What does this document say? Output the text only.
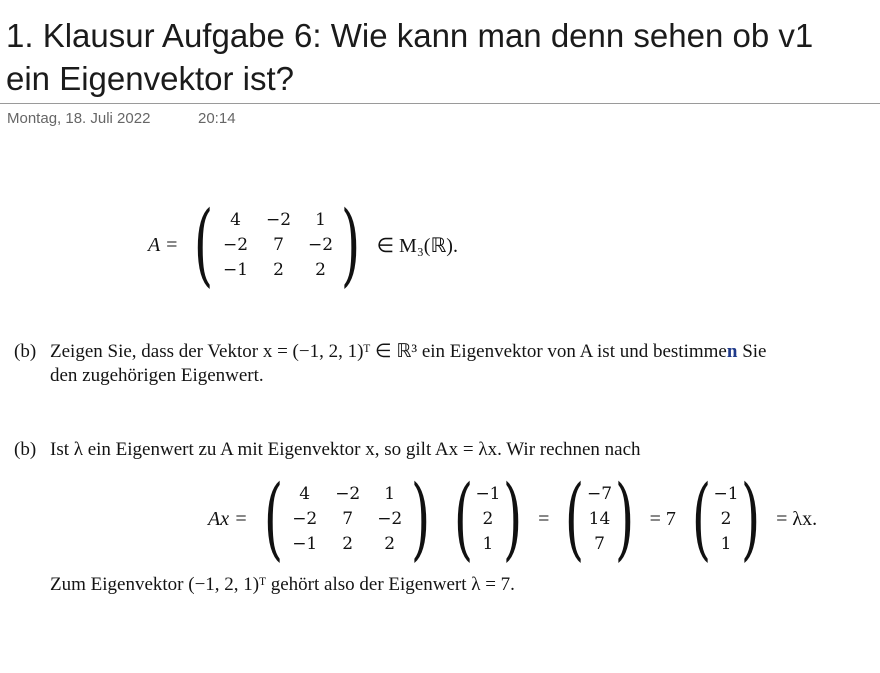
1. Klausur Aufgabe 6: Wie kann man denn sehen ob v1 ein Eigenvektor ist?
Montag, 18. Juli 2022	20:14
A = ( 4	−2	1
−2	7	−2
−1	2	2 ) ∈ M₃(ℝ).
(b) Zeigen Sie, dass der Vektor x = (−1, 2, 1)ᵀ ∈ ℝ³ ein Eigenvektor von A ist und bestimmen Sie
den zugehörigen Eigenwert.
(b) Ist λ ein Eigenwert zu A mit Eigenvektor x, so gilt Ax = λx. Wir rechnen nach
Ax = ( 4	−2	1
−2	7	−2
−1	2	2 ) ( −1
2
1 ) = ( −7
14
7 ) = 7 ( −1
2
1 ) = λx.
Zum Eigenvektor (−1, 2, 1)ᵀ gehört also der Eigenwert λ = 7.
